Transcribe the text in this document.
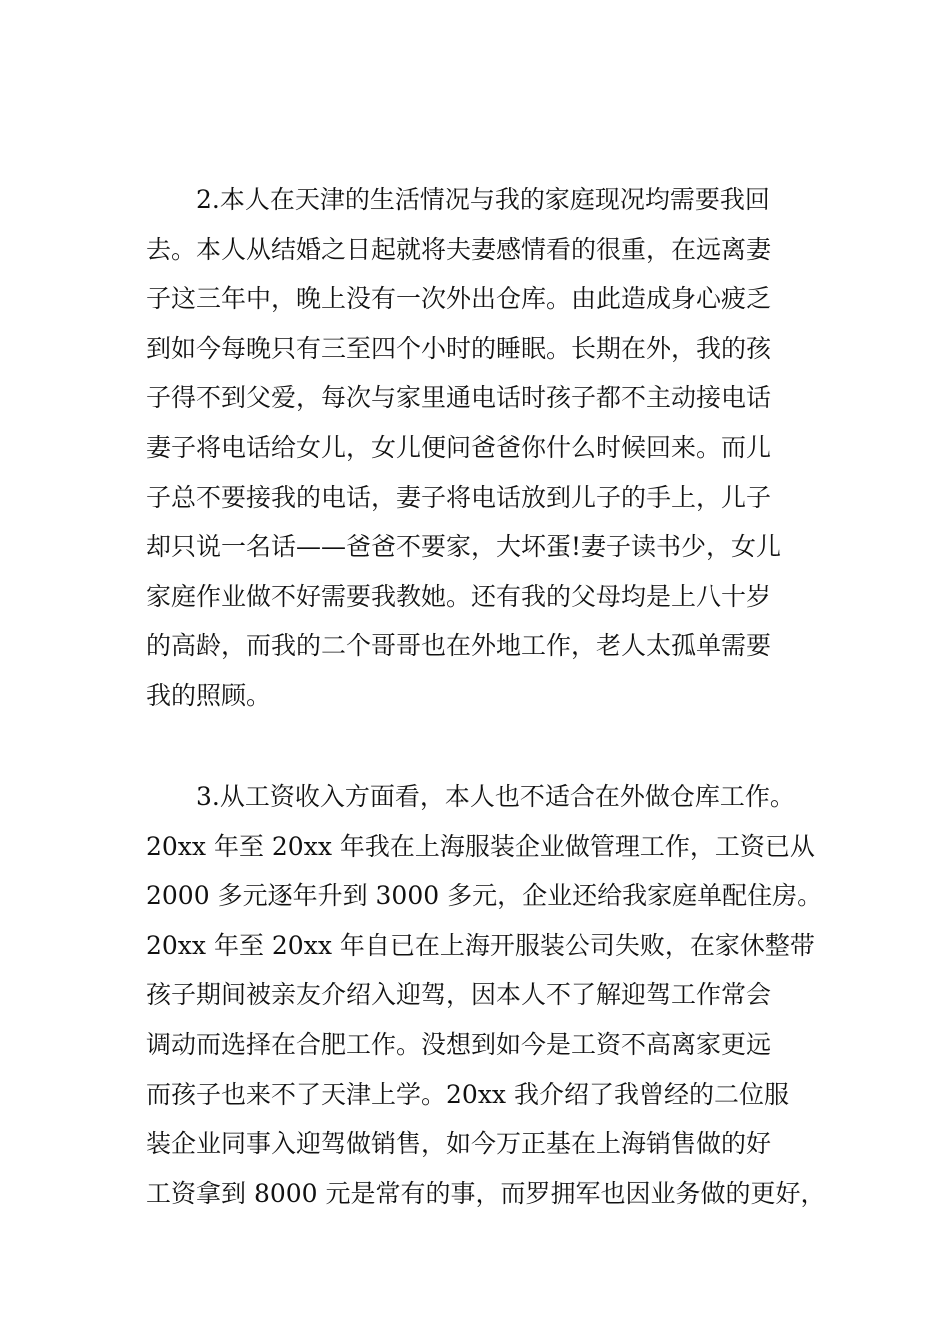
2.本人在天津的生活情况与我的家庭现况均需要我回
去。本人从结婚之日起就将夫妻感情看的很重，在远离妻
子这三年中，晚上没有一次外出仓库。由此造成身心疲乏
到如今每晚只有三至四个小时的睡眠。长期在外，我的孩
子得不到父爱，每次与家里通电话时孩子都不主动接电话
妻子将电话给女儿，女儿便问爸爸你什么时候回来。而儿
子总不要接我的电话，妻子将电话放到儿子的手上，儿子
却只说一名话——爸爸不要家，大坏蛋!妻子读书少，女儿
家庭作业做不好需要我教她。还有我的父母均是上八十岁
的高龄，而我的二个哥哥也在外地工作，老人太孤单需要
我的照顾。
3.从工资收入方面看，本人也不适合在外做仓库工作。
20xx 年至 20xx 年我在上海服装企业做管理工作，工资已从
2000 多元逐年升到 3000 多元，企业还给我家庭单配住房。
20xx 年至 20xx 年自已在上海开服装公司失败，在家休整带
孩子期间被亲友介绍入迎驾，因本人不了解迎驾工作常会
调动而选择在合肥工作。没想到如今是工资不高离家更远
而孩子也来不了天津上学。20xx 我介绍了我曾经的二位服
装企业同事入迎驾做销售，如今万正基在上海销售做的好
工资拿到 8000 元是常有的事，而罗拥军也因业务做的更好，
